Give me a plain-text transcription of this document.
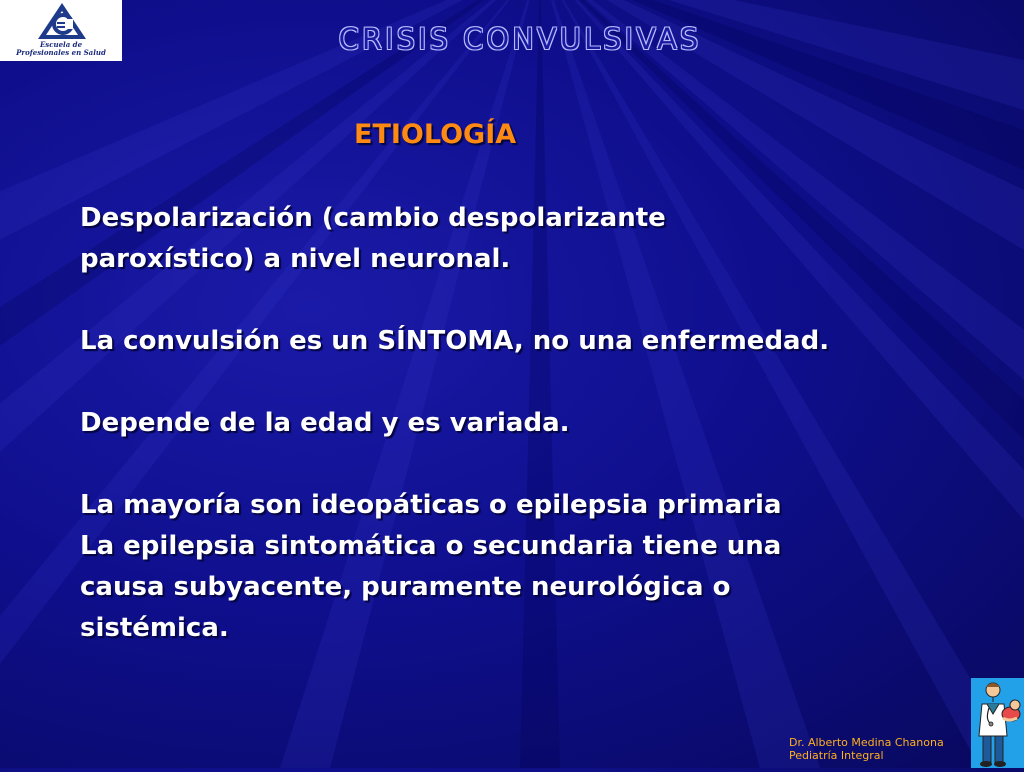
Escuela de
Profesionales en Salud	CRISIS CONVULSIVAS
ETIOLOGÍA

Despolarización (cambio despolarizante

paroxístico) a nivel neuronal.

La convulsión es un SÍNTOMA, no una enfermedad.

Depende de la edad y es variada.

La mayoría son ideopáticas o epilepsia primaria

La epilepsia sintomática o secundaria tiene una

causa subyacente, puramente neurológica o

sistémica.

Dr. Alberto Medina Chanona
Pediatría Integral
